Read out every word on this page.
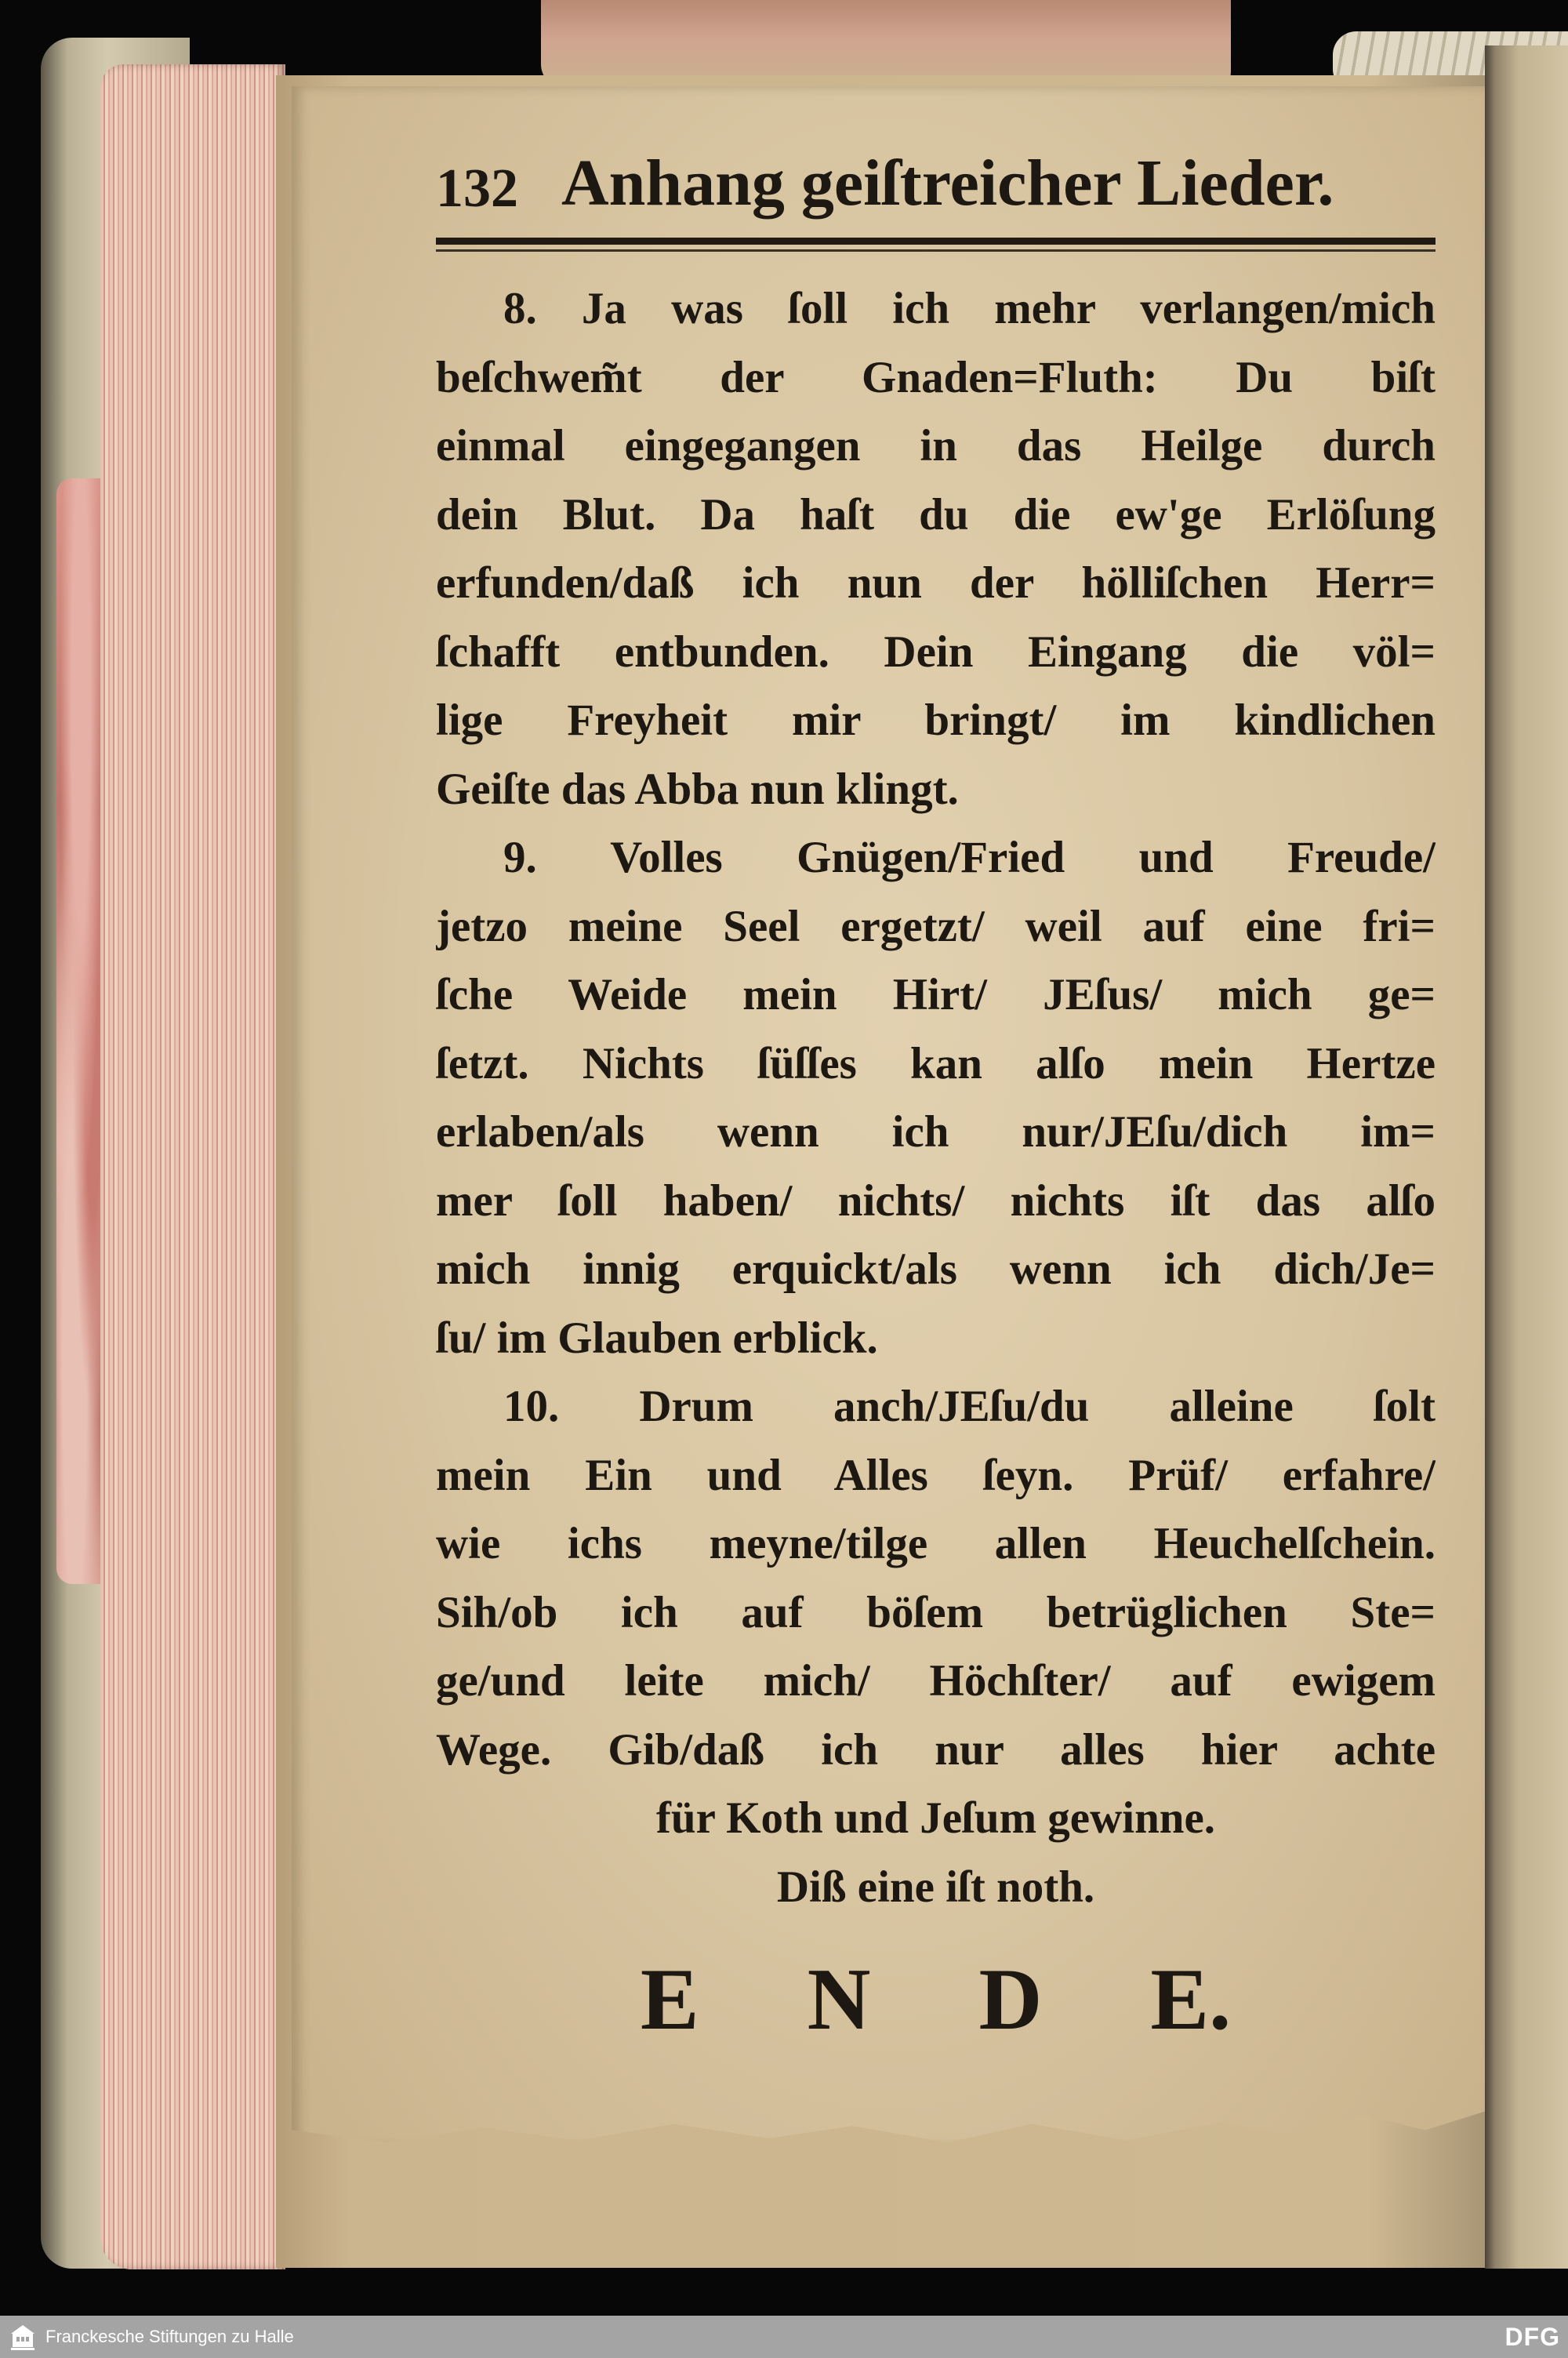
132 Anhang geiſtreicher Lieder.
8. Ja was ſoll ich mehr verlangen/mich
beſchwem̃t der Gnaden=Fluth: Du biſt
einmal eingegangen in das Heilge durch
dein Blut. Da haſt du die ew'ge Erlöſung
erfunden/daß ich nun der hölliſchen Herr=
ſchafft entbunden. Dein Eingang die völ=
lige Freyheit mir bringt/ im kindlichen
Geiſte das Abba nun klingt.
9. Volles Gnügen/Fried und Freude/
jetzo meine Seel ergetzt/ weil auf eine fri=
ſche Weide mein Hirt/ JEſus/ mich ge=
ſetzt. Nichts ſüſſes kan alſo mein Hertze
erlaben/als wenn ich nur/JEſu/dich im=
mer ſoll haben/ nichts/ nichts iſt das alſo
mich innig erquickt/als wenn ich dich/Je=
ſu/ im Glauben erblick.
10. Drum anch/JEſu/du alleine ſolt
mein Ein und Alles ſeyn. Prüf/ erfahre/
wie ichs meyne/tilge allen Heuchelſchein.
Sih/ob ich auf böſem betrüglichen Ste=
ge/und leite mich/ Höchſter/ auf ewigem
Wege. Gib/daß ich nur alles hier achte
für Koth und Jeſum gewinne.
Diß eine iſt noth.
E N D E.
Franckesche Stiftungen zu Halle	DFG
